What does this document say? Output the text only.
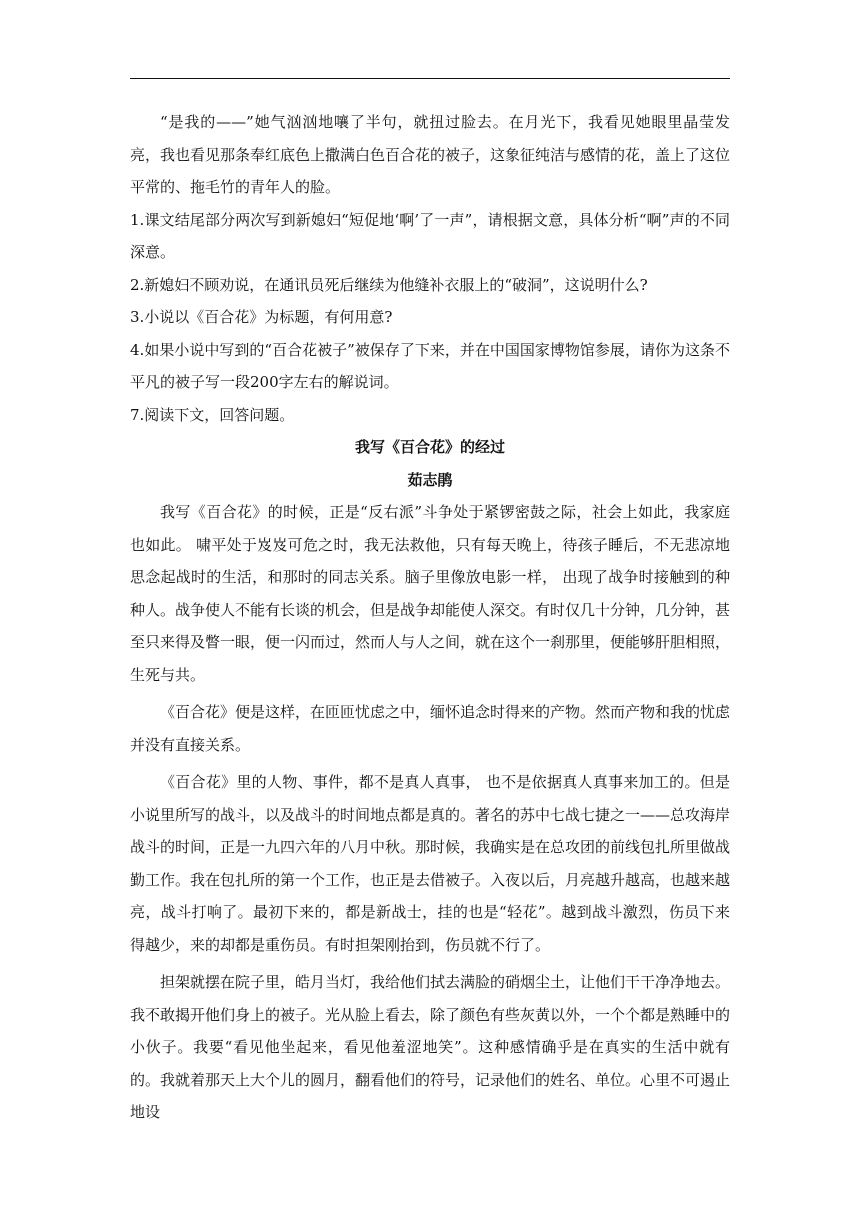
“是我的——”她气汹汹地嚷了半句，就扭过脸去。在月光下，我看见她眼里晶莹发亮，我也看见那条奉红底色上撒满白色百合花的被子，这象征纯洁与感情的花，盖上了这位平常的、拖毛竹的青年人的脸。

1.课文结尾部分两次写到新媳妇“短促地‘啊’了一声”，请根据文意，具体分析“啊”声的不同深意。

2.新媳妇不顾劝说，在通讯员死后继续为他缝补衣服上的“破洞”，这说明什么?

3.小说以《百合花》为标题，有何用意?

4.如果小说中写到的“百合花被子”被保存了下来，并在中国国家博物馆参展，请你为这条不平凡的被子写一段200字左右的解说词。

7.阅读下文，回答问题。

我写《百合花》的经过

茹志鹃

我写《百合花》的时候，正是“反右派”斗争处于紧锣密鼓之际，社会上如此，我家庭也如此。 啸平处于岌岌可危之时，我无法救他，只有每天晚上，待孩子睡后，不无悲凉地思念起战时的生活，和那时的同志关系。脑子里像放电影一样， 出现了战争时接触到的种种人。战争使人不能有长谈的机会，但是战争却能使人深交。有时仅几十分钟，几分钟，甚至只来得及瞥一眼，便一闪而过，然而人与人之间，就在这个一刹那里，便能够肝胆相照，生死与共。

《百合花》便是这样，在匝匝忧虑之中，缅怀追念时得来的产物。然而产物和我的忧虑并没有直接关系。

《百合花》里的人物、事件，都不是真人真事， 也不是依据真人真事来加工的。但是小说里所写的战斗，以及战斗的时间地点都是真的。著名的苏中七战七捷之一——总攻海岸战斗的时间，正是一九四六年的八月中秋。那时候，我确实是在总攻团的前线包扎所里做战勤工作。我在包扎所的第一个工作，也正是去借被子。入夜以后，月亮越升越高，也越来越亮，战斗打响了。最初下来的，都是新战士，挂的也是“轻花”。越到战斗激烈，伤员下来得越少，来的却都是重伤员。有时担架刚抬到，伤员就不行了。

担架就摆在院子里，皓月当灯，我给他们拭去满脸的硝烟尘土，让他们干干净净地去。我不敢揭开他们身上的被子。光从脸上看去，除了颜色有些灰黄以外，一个个都是熟睡中的小伙子。我要“看见他坐起来，看见他羞涩地笑”。这种感情确乎是在真实的生活中就有的。我就着那天上大个儿的圆月，翻看他们的符号，记录他们的姓名、单位。心里不可遏止地设
